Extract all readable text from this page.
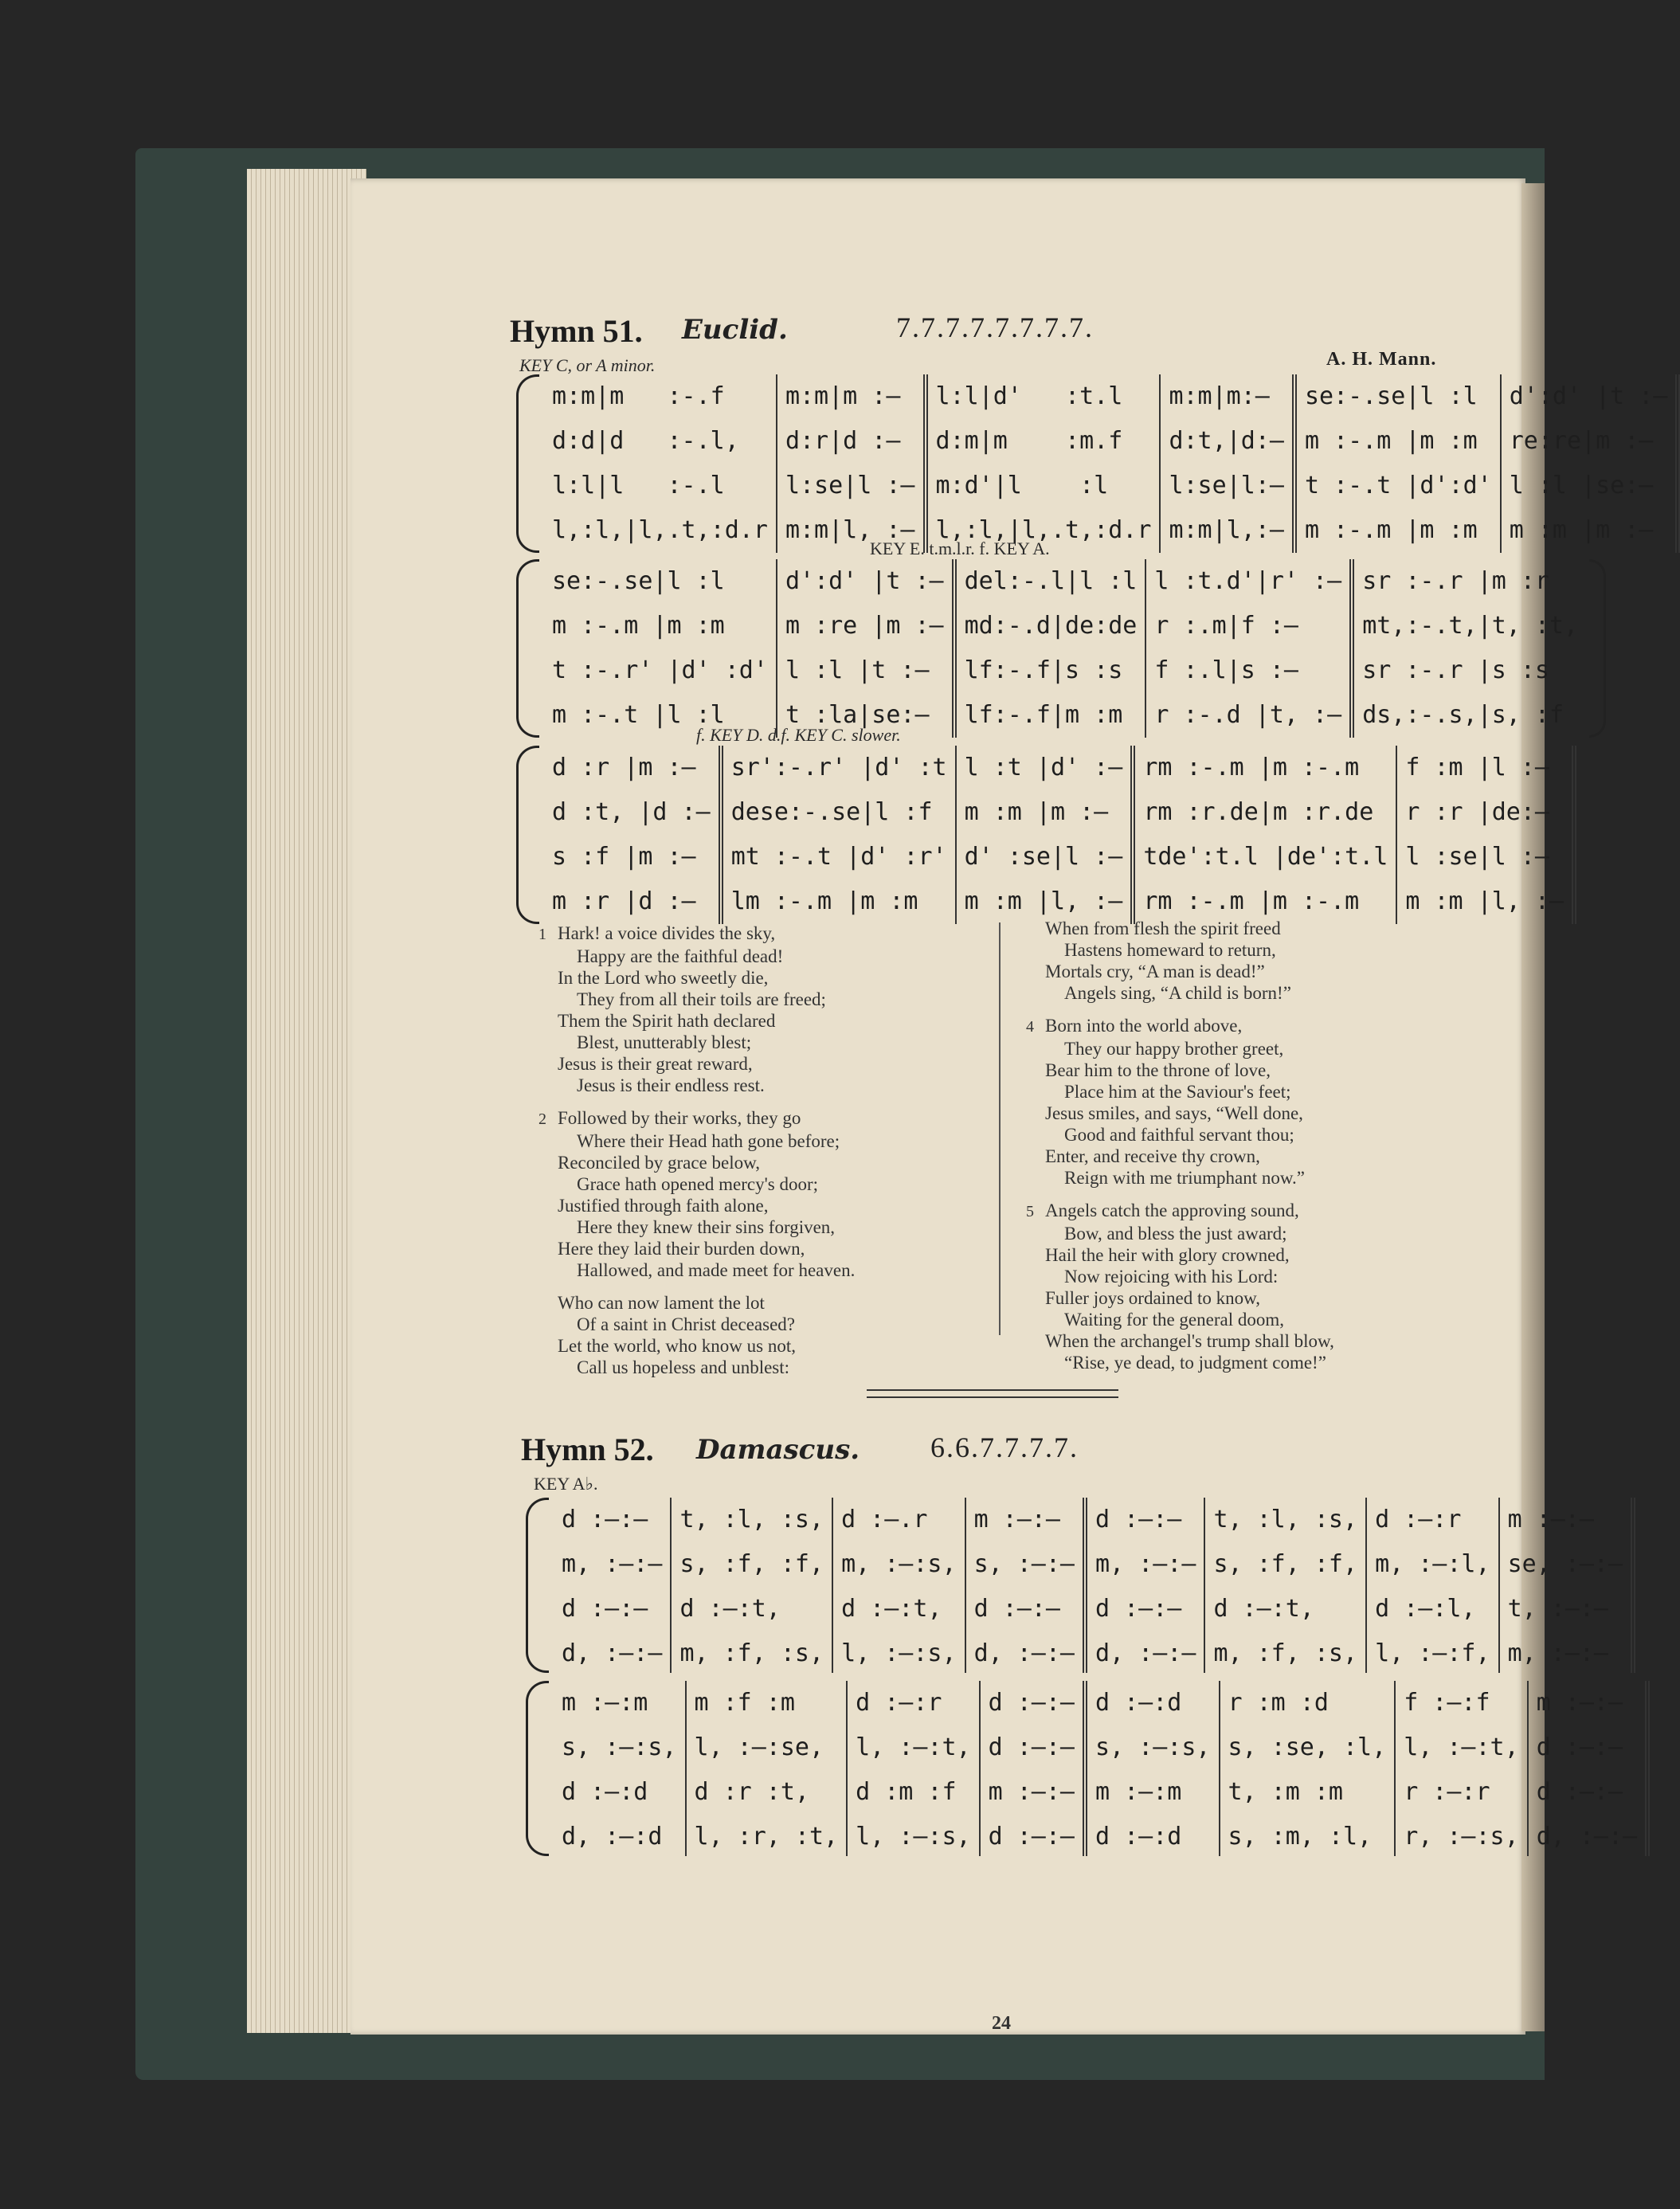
Hymn 51. Euclid.	7.7.7.7.7.7.7.7.
A. H. Mann.
KEY C, or A minor.
m:m|m   :-.f
d:d|d   :-.l,
l:l|l   :-.l
l,:l,|l,.t,:d.r
m:m|m :—
d:r|d :—
l:se|l :—
m:m|l, :—
l:l|d'   :t.l
d:m|m    :m.f
m:d'|l    :l
l,:l,|l,.t,:d.r
m:m|m:—
d:t,|d:—
l:se|l:—
m:m|l,:—
se:-.se|l :l
m :-.m |m :m
t :-.t |d':d'
m :-.m |m :m
d':d' |t :—
re:re|m :—
l :l |se:—
m :m |m :—
KEY E. t.m.l.r. f. KEY A.
se:-.se|l :l
m :-.m |m :m
t :-.r' |d' :d'
m :-.t |l :l
d':d' |t :—
m :re |m :—
l :l |t :—
t :la|se:—
del:-.l|l :l
md:-.d|de:de
lf:-.f|s :s
lf:-.f|m :m
l :t.d'|r' :—
r :.m|f :—
f :.l|s :—
r :-.d |t, :—
sr :-.r |m :r
mt,:-.t,|t, :t,
sr :-.r |s :s
ds,:-.s,|s, :f
f. KEY D. d.f. KEY C. slower.
d :r |m :—
d :t, |d :—
s :f |m :—
m :r |d :—
sr':-.r' |d' :t
dese:-.se|l :f
mt :-.t |d' :r'
lm :-.m |m :m
l :t |d' :—
m :m |m :—
d' :se|l :—
m :m |l, :—
rm :-.m |m :-.m
rm :r.de|m :r.de
tde':t.l |de':t.l
rm :-.m |m :-.m
f :m |l :—
r :r |de:—
l :se|l :—
m :m |l, :—
1 Hark! a voice divides the sky,
Happy are the faithful dead!
In the Lord who sweetly die,
They from all their toils are freed;
Them the Spirit hath declared
Blest, unutterably blest;
Jesus is their great reward,
Jesus is their endless rest.
2 Followed by their works, they go
Where their Head hath gone before;
Reconciled by grace below,
Grace hath opened mercy's door;
Justified through faith alone,
Here they knew their sins forgiven,
Here they laid their burden down,
Hallowed, and made meet for heaven.
Who can now lament the lot
Of a saint in Christ deceased?
Let the world, who know us not,
Call us hopeless and unblest:
When from flesh the spirit freed
Hastens homeward to return,
Mortals cry, “A man is dead!”
Angels sing, “A child is born!”
4 Born into the world above,
They our happy brother greet,
Bear him to the throne of love,
Place him at the Saviour's feet;
Jesus smiles, and says, “Well done,
Good and faithful servant thou;
Enter, and receive thy crown,
Reign with me triumphant now.”
5 Angels catch the approving sound,
Bow, and bless the just award;
Hail the heir with glory crowned,
Now rejoicing with his Lord:
Fuller joys ordained to know,
Waiting for the general doom,
When the archangel's trump shall blow,
“Rise, ye dead, to judgment come!”
Hymn 52. Damascus. 6.6.7.7.7.7.
KEY A♭.
d :—:—
m, :—:—
d :—:—
d, :—:—
t, :l, :s,
s, :f, :f,
d :—:t,
m, :f, :s,
d :—.r
m, :—:s,
d :—:t,
l, :—:s,
m :—:—
s, :—:—
d :—:—
d, :—:—
d :—:—
m, :—:—
d :—:—
d, :—:—
t, :l, :s,
s, :f, :f,
d :—:t,
m, :f, :s,
d :—:r
m, :—:l,
d :—:l,
l, :—:f,
m :—:—
se, :—:—
t, :—:—
m, :—:—
m :—:m
s, :—:s,
d :—:d
d, :—:d
m :f :m
l, :—:se,
d :r :t,
l, :r, :t,
d :—:r
l, :—:t,
d :m :f
l, :—:s,
d :—:—
d :—:—
m :—:—
d :—:—
d :—:d
s, :—:s,
m :—:m
d :—:d
r :m :d
s, :se, :l,
t, :m :m
s, :m, :l,
f :—:f
l, :—:t,
r :—:r
r, :—:s,
m :—:—
d :—:—
d :—:—
d, :—:—
24
